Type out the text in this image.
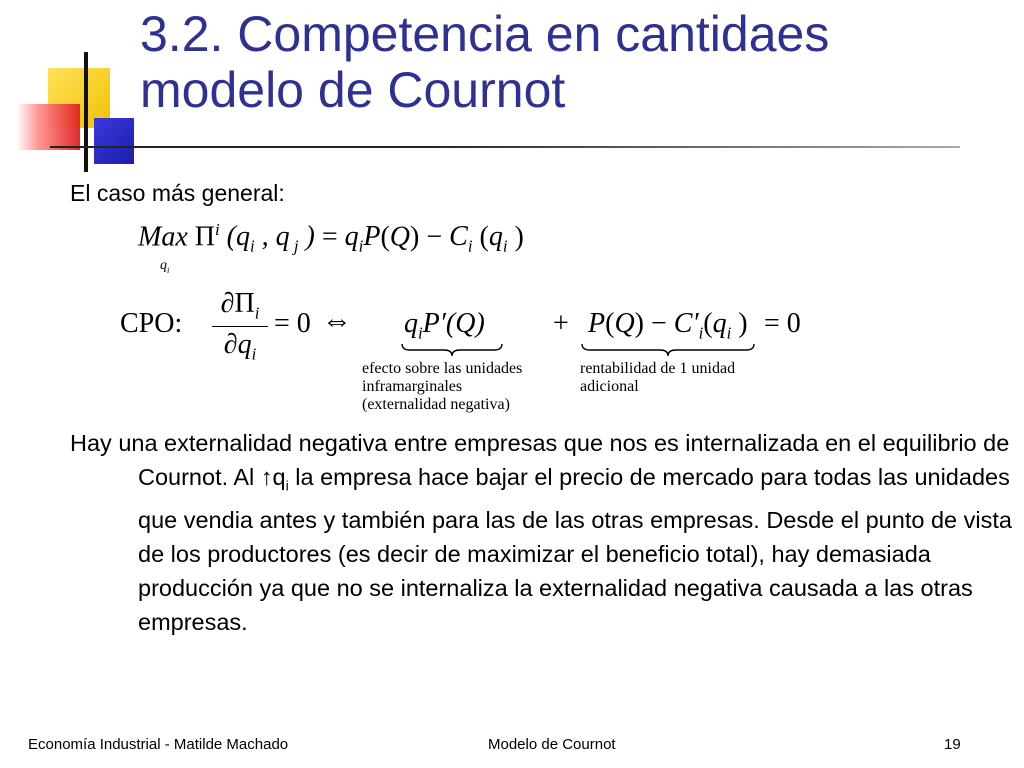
3.2. Competencia en cantidaes
modelo de Cournot
El caso más general:
Max $\Pi^i$ ($q_i$ , q $_j$ ) = $q_iP(Q) - C_i$ ($q_i$ )
$q_i$
CPO: $\frac{\partial\Pi_i}{\partial q_i} = 0$ ⇔ $q_iP'(Q) + P(Q) - C'_i(q_i$ ) = 0
efecto sobre las unidades
inframarginales
(externalidad negativa)
rentabilidad de 1 unidad
adicional

Hay una externalidad negativa entre empresas que nos es internalizada en el equilibrio de Cournot. Al $↑q_i$ la empresa hace bajar el precio de mercado para todas las unidades que vendia antes y también para las de las otras empresas. Desde el punto de vista de los productores (es decir de maximizar el beneficio total), hay demasiada producción ya que no se internaliza la externalidad negativa causada a las otras empresas.

Economía Industrial - Matilde Machado	Modelo de Cournot	19
